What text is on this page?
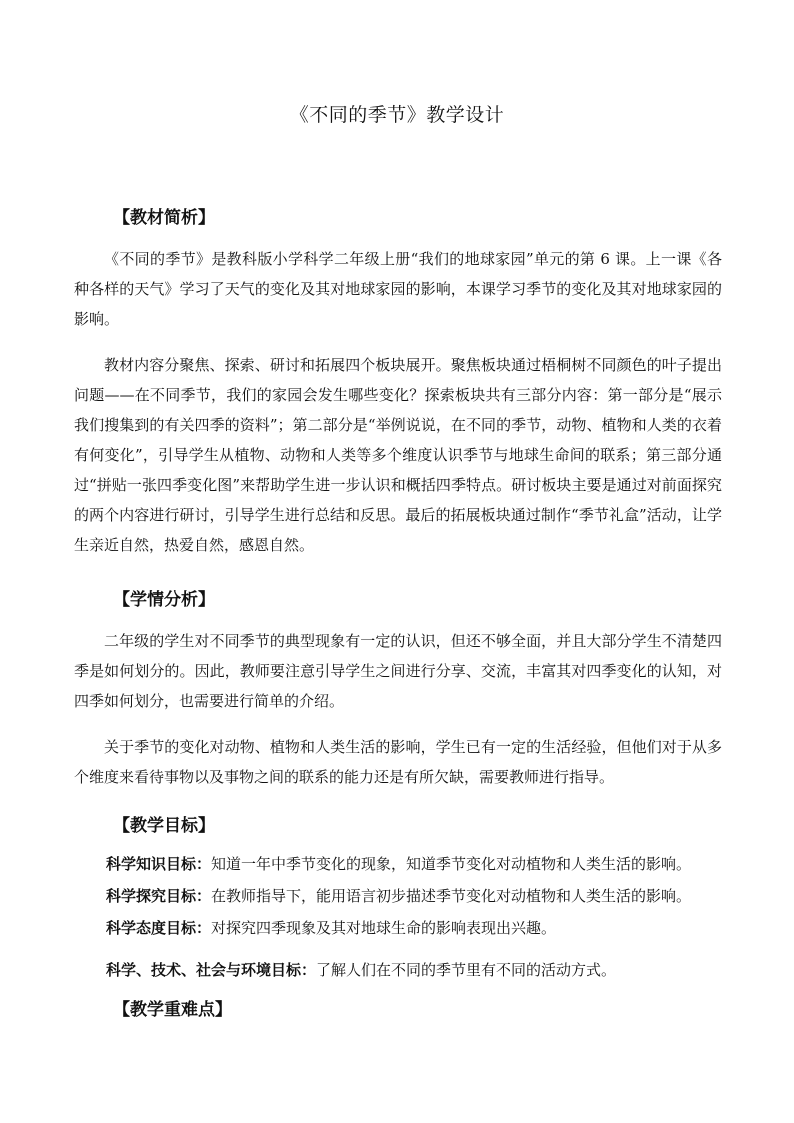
《不同的季节》教学设计
【教材简析】
《不同的季节》是教科版小学科学二年级上册“我们的地球家园”单元的第 6 课。上一课《各种各样的天气》学习了天气的变化及其对地球家园的影响，本课学习季节的变化及其对地球家园的影响。
教材内容分聚焦、探索、研讨和拓展四个板块展开。聚焦板块通过梧桐树不同颜色的叶子提出问题——在不同季节，我们的家园会发生哪些变化？探索板块共有三部分内容：第一部分是“展示我们搜集到的有关四季的资料”；第二部分是“举例说说，在不同的季节，动物、植物和人类的衣着有何变化”，引导学生从植物、动物和人类等多个维度认识季节与地球生命间的联系；第三部分通过“拼贴一张四季变化图”来帮助学生进一步认识和概括四季特点。研讨板块主要是通过对前面探究的两个内容进行研讨，引导学生进行总结和反思。最后的拓展板块通过制作“季节礼盒”活动，让学生亲近自然，热爱自然，感恩自然。
【学情分析】
二年级的学生对不同季节的典型现象有一定的认识，但还不够全面，并且大部分学生不清楚四季是如何划分的。因此，教师要注意引导学生之间进行分享、交流，丰富其对四季变化的认知，对四季如何划分，也需要进行简单的介绍。
关于季节的变化对动物、植物和人类生活的影响，学生已有一定的生活经验，但他们对于从多个维度来看待事物以及事物之间的联系的能力还是有所欠缺，需要教师进行指导。
【教学目标】
科学知识目标：知道一年中季节变化的现象，知道季节变化对动植物和人类生活的影响。
科学探究目标：在教师指导下，能用语言初步描述季节变化对动植物和人类生活的影响。
科学态度目标：对探究四季现象及其对地球生命的影响表现出兴趣。
科学、技术、社会与环境目标：了解人们在不同的季节里有不同的活动方式。
【教学重难点】
